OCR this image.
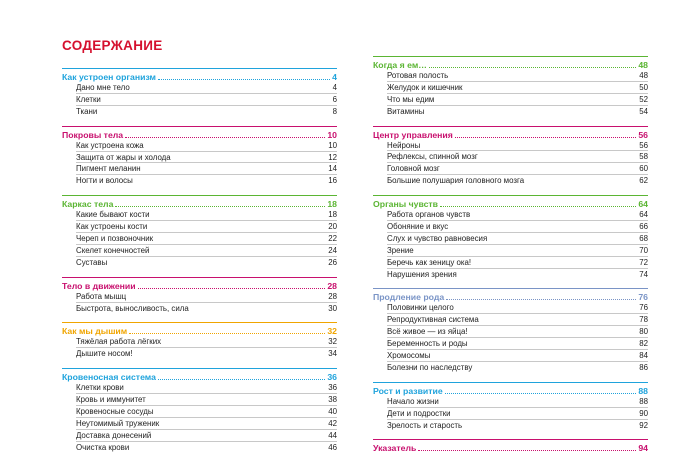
СОДЕРЖАНИЕ
Как устроен организм	4
Дано мне тело	4
Клетки	6
Ткани	8
Покровы тела	10
Как устроена кожа	10
Защита от жары и холода	12
Пигмент меланин	14
Ногти и волосы	16
Каркас тела	18
Какие бывают кости	18
Как устроены кости	20
Череп и позвоночник	22
Скелет конечностей	24
Суставы	26
Тело в движении	28
Работа мышц	28
Быстрота, выносливость, сила	30
Как мы дышим	32
Тяжёлая работа лёгких	32
Дышите носом!	34
Кровеносная система	36
Клетки крови	36
Кровь и иммунитет	38
Кровеносные сосуды	40
Неутомимый труженик	42
Доставка донесений	44
Очистка крови	46
Когда я ем…	48
Ротовая полость	48
Желудок и кишечник	50
Что мы едим	52
Витамины	54
Центр управления	56
Нейроны	56
Рефлексы, спинной мозг	58
Головной мозг	60
Большие полушария головного мозга	62
Органы чувств	64
Работа органов чувств	64
Обоняние и вкус	66
Слух и чувство равновесия	68
Зрение	70
Беречь как зеницу ока!	72
Нарушения зрения	74
Продление рода	76
Половинки целого	76
Репродуктивная система	78
Всё живое — из яйца!	80
Беременность и роды	82
Хромосомы	84
Болезни по наследству	86
Рост и развитие	88
Начало жизни	88
Дети и подростки	90
Зрелость и старость	92
Указатель	94
